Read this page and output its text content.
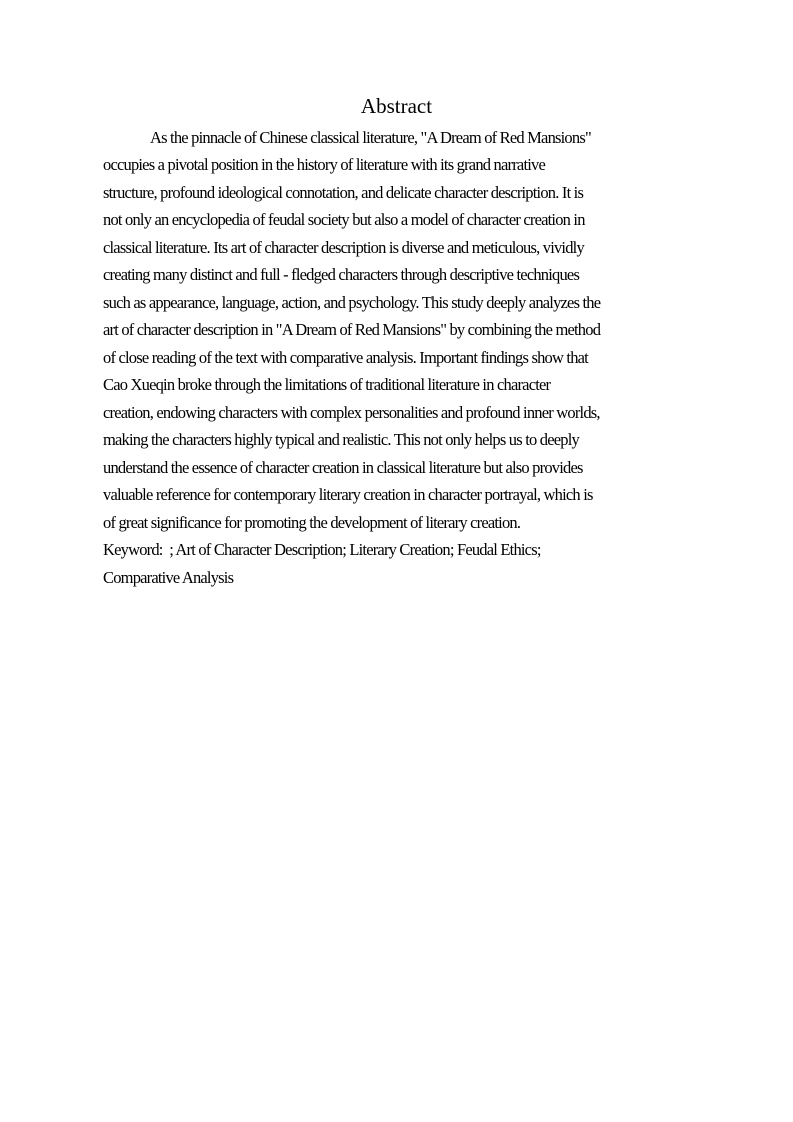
Abstract
As the pinnacle of Chinese classical literature, "A Dream of Red Mansions"
occupies a pivotal position in the history of literature with its grand narrative
structure, profound ideological connotation, and delicate character description. It is
not only an encyclopedia of feudal society but also a model of character creation in
classical literature. Its art of character description is diverse and meticulous, vividly
creating many distinct and full - fledged characters through descriptive techniques
such as appearance, language, action, and psychology. This study deeply analyzes the
art of character description in "A Dream of Red Mansions" by combining the method
of close reading of the text with comparative analysis. Important findings show that
Cao Xueqin broke through the limitations of traditional literature in character
creation, endowing characters with complex personalities and profound inner worlds,
making the characters highly typical and realistic. This not only helps us to deeply
understand the essence of character creation in classical literature but also provides
valuable reference for contemporary literary creation in character portrayal, which is
of great significance for promoting the development of literary creation.
Keyword:  ; Art of Character Description; Literary Creation; Feudal Ethics;
Comparative Analysis
